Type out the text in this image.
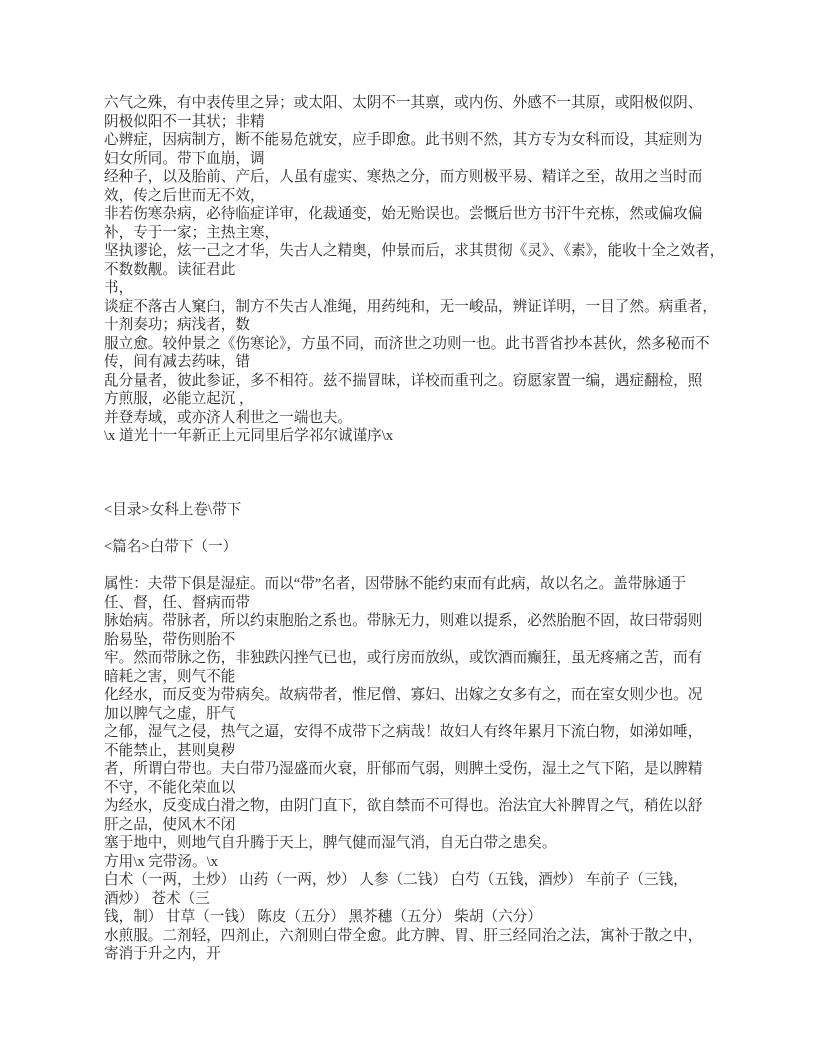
六气之殊，有中表传里之异；或太阳、太阴不一其禀，或内伤、外感不一其原，或阳极似阴、
阴极似阳不一其状；非精
心辨症，因病制方，断不能易危就安，应手即愈。此书则不然，其方专为女科而设，其症则为
妇女所同。带下血崩，调
经种子，以及胎前、产后，人虽有虚实、寒热之分，而方则极平易、精详之至，故用之当时而
效，传之后世而无不效，
非若伤寒杂病，必待临症详审，化裁通变，始无贻误也。尝慨后世方书汗牛充栋，然或偏攻偏
补，专于一家；主热主寒，
坚执谬论，炫一己之才华，失古人之精奥，仲景而后，求其贯彻《灵》、《素》，能收十全之效者，
不数数觏。读征君此
书，
谈症不落古人窠臼，制方不失古人准绳，用药纯和，无一峻品，辨证详明，一目了然。病重者，
十剂奏功；病浅者，数
服立愈。较仲景之《伤寒论》，方虽不同，而济世之功则一也。此书晋省抄本甚伙，然多秘而不
传，间有减去药味，错
乱分量者，彼此参证，多不相符。兹不揣冒昧，详校而重刊之。窃愿家置一编，遇症翻检，照
方煎服，必能立起沉 ，
并登寿域，或亦济人利世之一端也夫。
\x 道光十一年新正上元同里后学祁尔诚谨序\x
<目录>女科上卷\带下
<篇名>白带下（一）
属性：夫带下俱是湿症。而以“带”名者，因带脉不能约束而有此病，故以名之。盖带脉通于
任、督，任、督病而带
脉始病。带脉者，所以约束胞胎之系也。带脉无力，则难以提系，必然胎胞不固，故曰带弱则
胎易坠，带伤则胎不
牢。然而带脉之伤，非独跌闪挫气已也，或行房而放纵，或饮酒而癫狂，虽无疼痛之苦，而有
暗耗之害，则气不能
化经水，而反变为带病矣。故病带者，惟尼僧、寡妇、出嫁之女多有之，而在室女则少也。况
加以脾气之虚，肝气
之郁，湿气之侵，热气之逼，安得不成带下之病哉！故妇人有终年累月下流白物，如涕如唾，
不能禁止，甚则臭秽
者，所谓白带也。夫白带乃湿盛而火衰，肝郁而气弱，则脾土受伤，湿土之气下陷，是以脾精
不守，不能化荣血以
为经水，反变成白滑之物，由阴门直下，欲自禁而不可得也。治法宜大补脾胃之气，稍佐以舒
肝之品，使风木不闭
塞于地中，则地气自升腾于天上，脾气健而湿气消，自无白带之患矣。
方用\x 完带汤。\x
白术（一两，土炒） 山药（一两，炒） 人参（二钱） 白芍（五钱，酒炒） 车前子（三钱，
酒炒） 苍术（三
钱，制） 甘草（一钱） 陈皮（五分） 黑芥穗（五分） 柴胡（六分）
水煎服。二剂轻，四剂止，六剂则白带全愈。此方脾、胃、肝三经同治之法，寓补于散之中，
寄消于升之内，开
